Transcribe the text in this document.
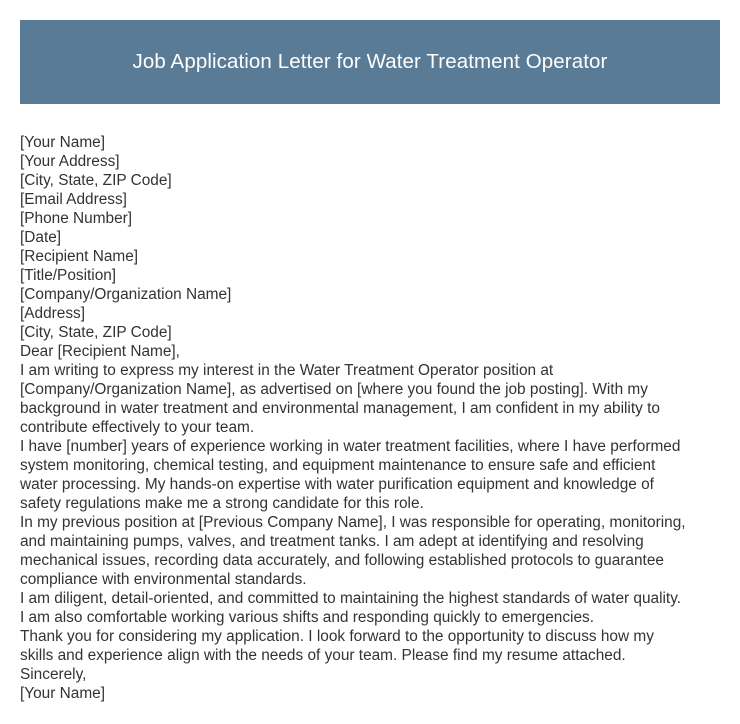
Job Application Letter for Water Treatment Operator
[Your Name]
[Your Address]
[City, State, ZIP Code]
[Email Address]
[Phone Number]
[Date]
[Recipient Name]
[Title/Position]
[Company/Organization Name]
[Address]
[City, State, ZIP Code]
Dear [Recipient Name],
I am writing to express my interest in the Water Treatment Operator position at
[Company/Organization Name], as advertised on [where you found the job posting]. With my
background in water treatment and environmental management, I am confident in my ability to
contribute effectively to your team.
I have [number] years of experience working in water treatment facilities, where I have performed
system monitoring, chemical testing, and equipment maintenance to ensure safe and efficient
water processing. My hands-on expertise with water purification equipment and knowledge of
safety regulations make me a strong candidate for this role.
In my previous position at [Previous Company Name], I was responsible for operating, monitoring,
and maintaining pumps, valves, and treatment tanks. I am adept at identifying and resolving
mechanical issues, recording data accurately, and following established protocols to guarantee
compliance with environmental standards.
I am diligent, detail-oriented, and committed to maintaining the highest standards of water quality.
I am also comfortable working various shifts and responding quickly to emergencies.
Thank you for considering my application. I look forward to the opportunity to discuss how my
skills and experience align with the needs of your team. Please find my resume attached.
Sincerely,
[Your Name]
